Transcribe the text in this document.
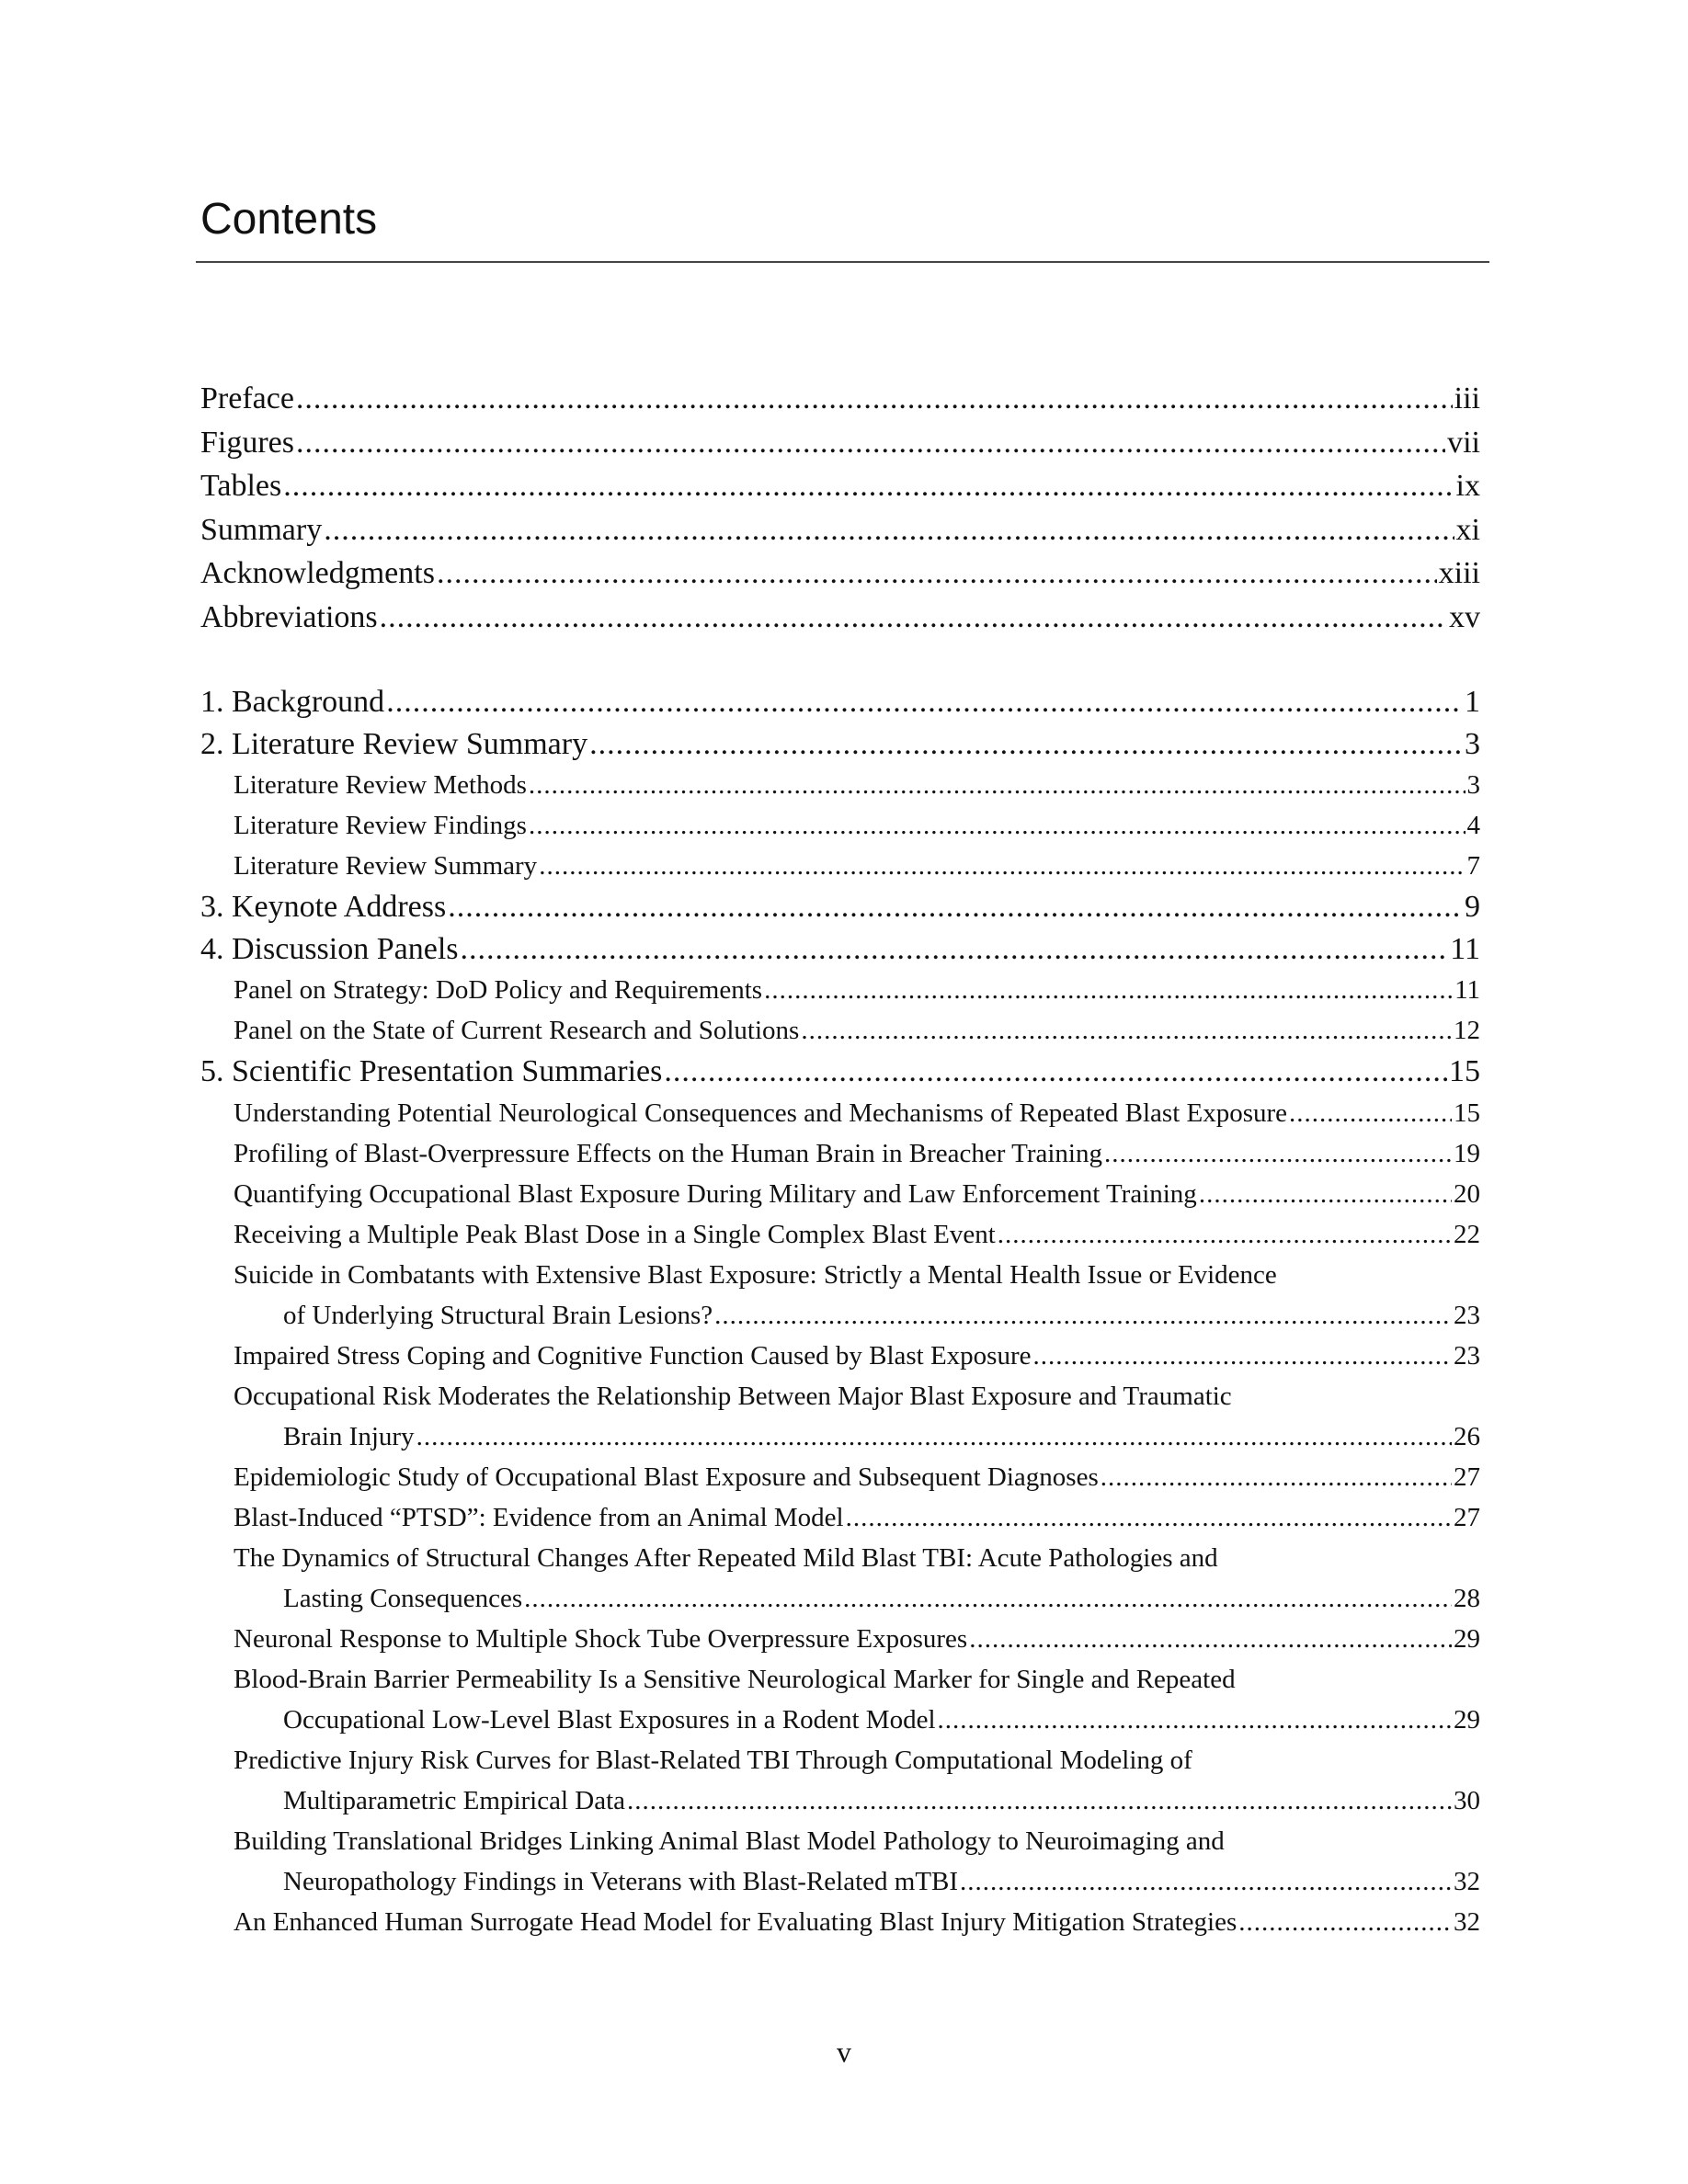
Contents
Preface .....	iii
Figures .....	vii
Tables .....	ix
Summary .....	xi
Acknowledgments .....	xiii
Abbreviations .....	xv
1. Background .....	1
2. Literature Review Summary .....	3
Literature Review Methods .....	3
Literature Review Findings .....	4
Literature Review Summary .....	7
3. Keynote Address .....	9
4. Discussion Panels .....	11
Panel on Strategy: DoD Policy and Requirements .....	11
Panel on the State of Current Research and Solutions .....	12
5. Scientific Presentation Summaries .....	15
Understanding Potential Neurological Consequences and Mechanisms of Repeated Blast Exposure .....	15
Profiling of Blast-Overpressure Effects on the Human Brain in Breacher Training .....	19
Quantifying Occupational Blast Exposure During Military and Law Enforcement Training .....	20
Receiving a Multiple Peak Blast Dose in a Single Complex Blast Event .....	22
Suicide in Combatants with Extensive Blast Exposure: Strictly a Mental Health Issue or Evidence
of Underlying Structural Brain Lesions? .....	23
Impaired Stress Coping and Cognitive Function Caused by Blast Exposure .....	23
Occupational Risk Moderates the Relationship Between Major Blast Exposure and Traumatic
Brain Injury .....	26
Epidemiologic Study of Occupational Blast Exposure and Subsequent Diagnoses .....	27
Blast-Induced “PTSD”: Evidence from an Animal Model .....	27
The Dynamics of Structural Changes After Repeated Mild Blast TBI: Acute Pathologies and
Lasting Consequences .....	28
Neuronal Response to Multiple Shock Tube Overpressure Exposures .....	29
Blood-Brain Barrier Permeability Is a Sensitive Neurological Marker for Single and Repeated
Occupational Low-Level Blast Exposures in a Rodent Model .....	29
Predictive Injury Risk Curves for Blast-Related TBI Through Computational Modeling of
Multiparametric Empirical Data .....	30
Building Translational Bridges Linking Animal Blast Model Pathology to Neuroimaging and
Neuropathology Findings in Veterans with Blast-Related mTBI .....	32
An Enhanced Human Surrogate Head Model for Evaluating Blast Injury Mitigation Strategies .....	32
v
